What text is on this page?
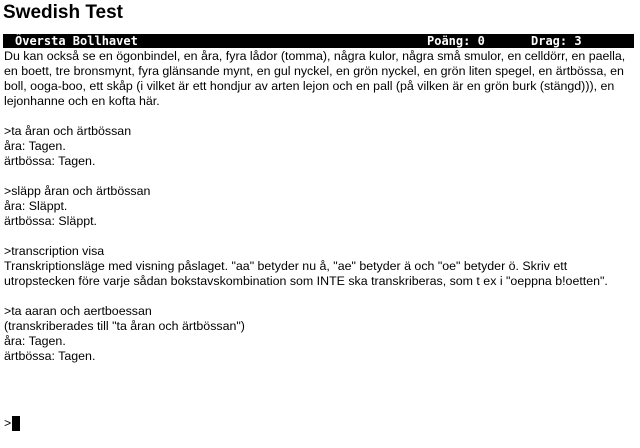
Swedish Test
Översta Bollhavet	Poäng: 0	Drag: 3
Du kan också se en ögonbindel, en åra, fyra lådor (tomma), några kulor, några små smulor, en celldörr, en paella, en boett, tre bronsmynt, fyra glänsande mynt, en gul nyckel, en grön nyckel, en grön liten spegel, en ärtbössa, en boll, ooga-boo, ett skåp (i vilket är ett hondjur av arten lejon och en pall (på vilken är en grön burk (stängd))), en lejonhanne och en kofta här.
>ta åran och ärtbössan
åra: Tagen.
ärtbössa: Tagen.
>släpp åran och ärtbössan
åra: Släppt.
ärtbössa: Släppt.
>transcription visa
Transkriptionsläge med visning påslaget. "aa" betyder nu å, "ae" betyder ä och "oe" betyder ö. Skriv ett utropstecken före varje sådan bokstavskombination som INTE ska transkriberas, som t ex i "oeppna b!oetten".
>ta aaran och aertboessan
(transkriberades till "ta åran och ärtbössan")
åra: Tagen.
ärtbössa: Tagen.
>
